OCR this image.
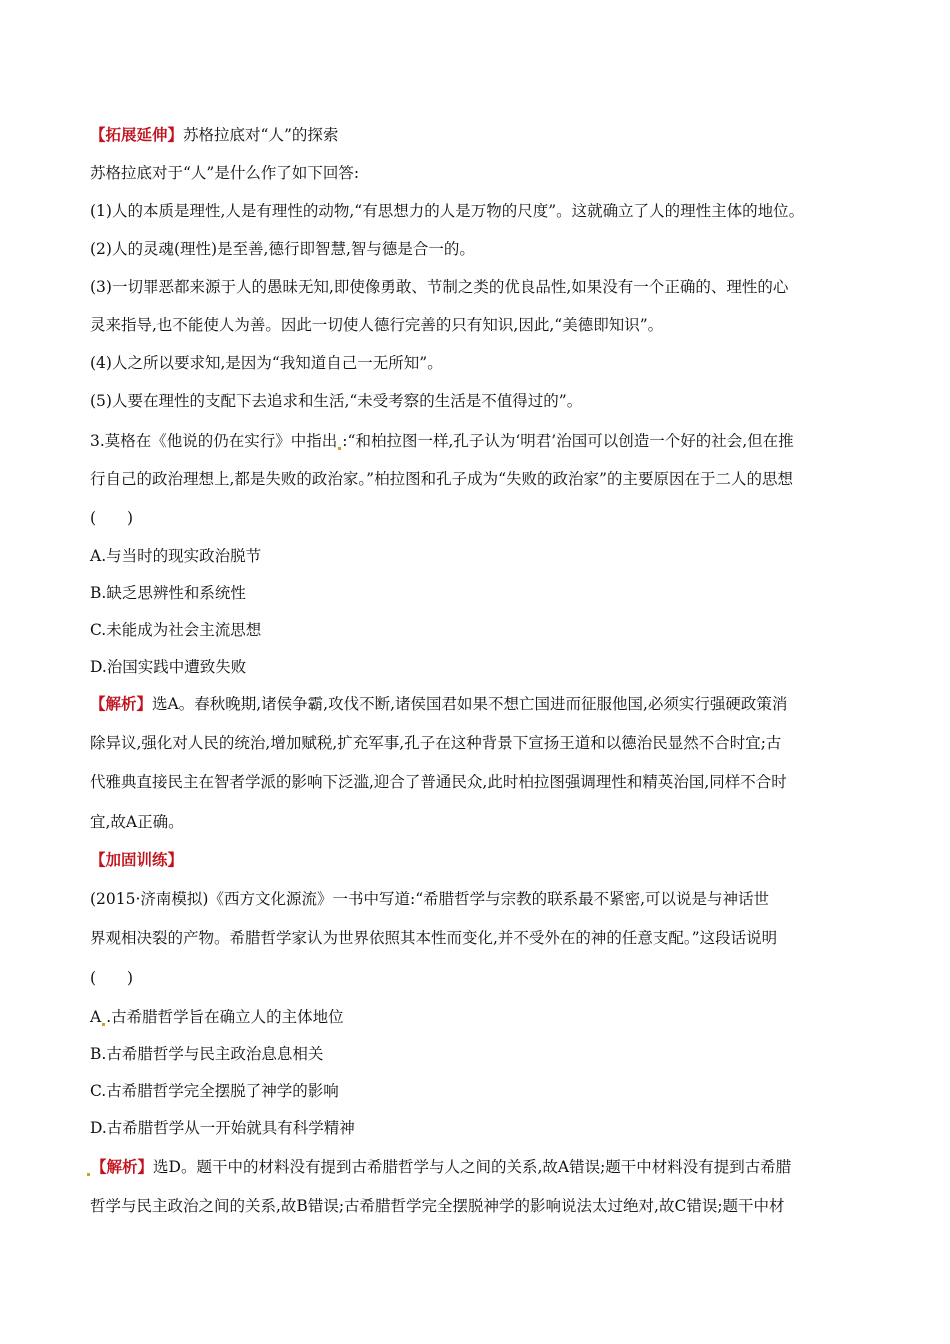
【拓展延伸】苏格拉底对“人”的探索
苏格拉底对于“人”是什么作了如下回答:
(1)人的本质是理性,人是有理性的动物,“有思想力的人是万物的尺度”。这就确立了人的理性主体的地位。
(2)人的灵魂(理性)是至善,德行即智慧,智与德是合一的。
(3)一切罪恶都来源于人的愚昧无知,即使像勇敢、节制之类的优良品性,如果没有一个正确的、理性的心
灵来指导,也不能使人为善。因此一切使人德行完善的只有知识,因此,“美德即知识”。
(4)人之所以要求知,是因为“我知道自己一无所知”。
(5)人要在理性的支配下去追求和生活,“未受考察的生活是不值得过的”。
3.莫格在《他说的仍在实行》中指出 :“和柏拉图一样,孔子认为‘明君’治国可以创造一个好的社会,但在推
行自己的政治理想上,都是失败的政治家。”柏拉图和孔子成为“失败的政治家”的主要原因在于二人的思想
(　　)
A.与当时的现实政治脱节
B.缺乏思辨性和系统性
C.未能成为社会主流思想
D.治国实践中遭致失败
【解析】选A。春秋晚期,诸侯争霸,攻伐不断,诸侯国君如果不想亡国进而征服他国,必须实行强硬政策消
除异议,强化对人民的统治,增加赋税,扩充军事,孔子在这种背景下宣扬王道和以德治民显然不合时宜;古
代雅典直接民主在智者学派的影响下泛滥,迎合了普通民众,此时柏拉图强调理性和精英治国,同样不合时
宜,故A正确。
【加固训练】
(2015·济南模拟)《西方文化源流》一书中写道:“希腊哲学与宗教的联系最不紧密,可以说是与神话世
界观相决裂的产物。希腊哲学家认为世界依照其本性而变化,并不受外在的神的任意支配。”这段话说明
(　　)
A .古希腊哲学旨在确立人的主体地位
B.古希腊哲学与民主政治息息相关
C.古希腊哲学完全摆脱了神学的影响
D.古希腊哲学从一开始就具有科学精神
【解析】选D。题干中的材料没有提到古希腊哲学与人之间的关系,故A错误;题干中材料没有提到古希腊
哲学与民主政治之间的关系,故B错误;古希腊哲学完全摆脱神学的影响说法太过绝对,故C错误;题干中材
